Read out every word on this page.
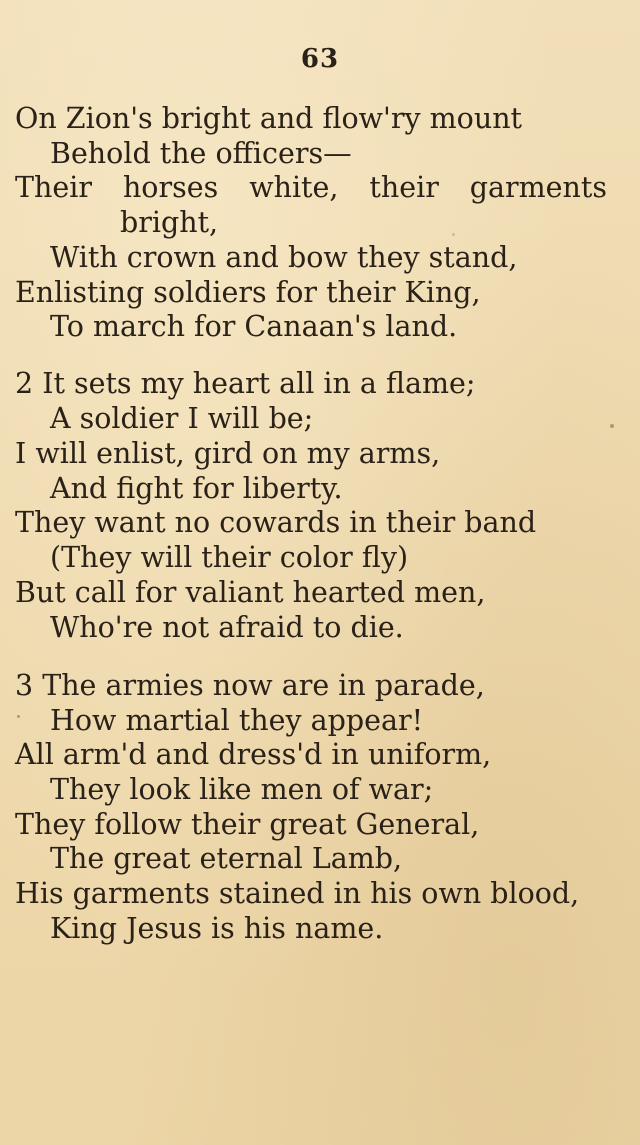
63
On Zion's bright and flow'ry mount
Behold the officers—
Their horses white, their garments
bright,
With crown and bow they stand,
Enlisting soldiers for their King,
To march for Canaan's land.
2 It sets my heart all in a flame;
A soldier I will be;
I will enlist, gird on my arms,
And fight for liberty.
They want no cowards in their band
(They will their color fly)
But call for valiant hearted men,
Who're not afraid to die.
3 The armies now are in parade,
How martial they appear!
All arm'd and dress'd in uniform,
They look like men of war;
They follow their great General,
The great eternal Lamb,
His garments stained in his own blood,
King Jesus is his name.
